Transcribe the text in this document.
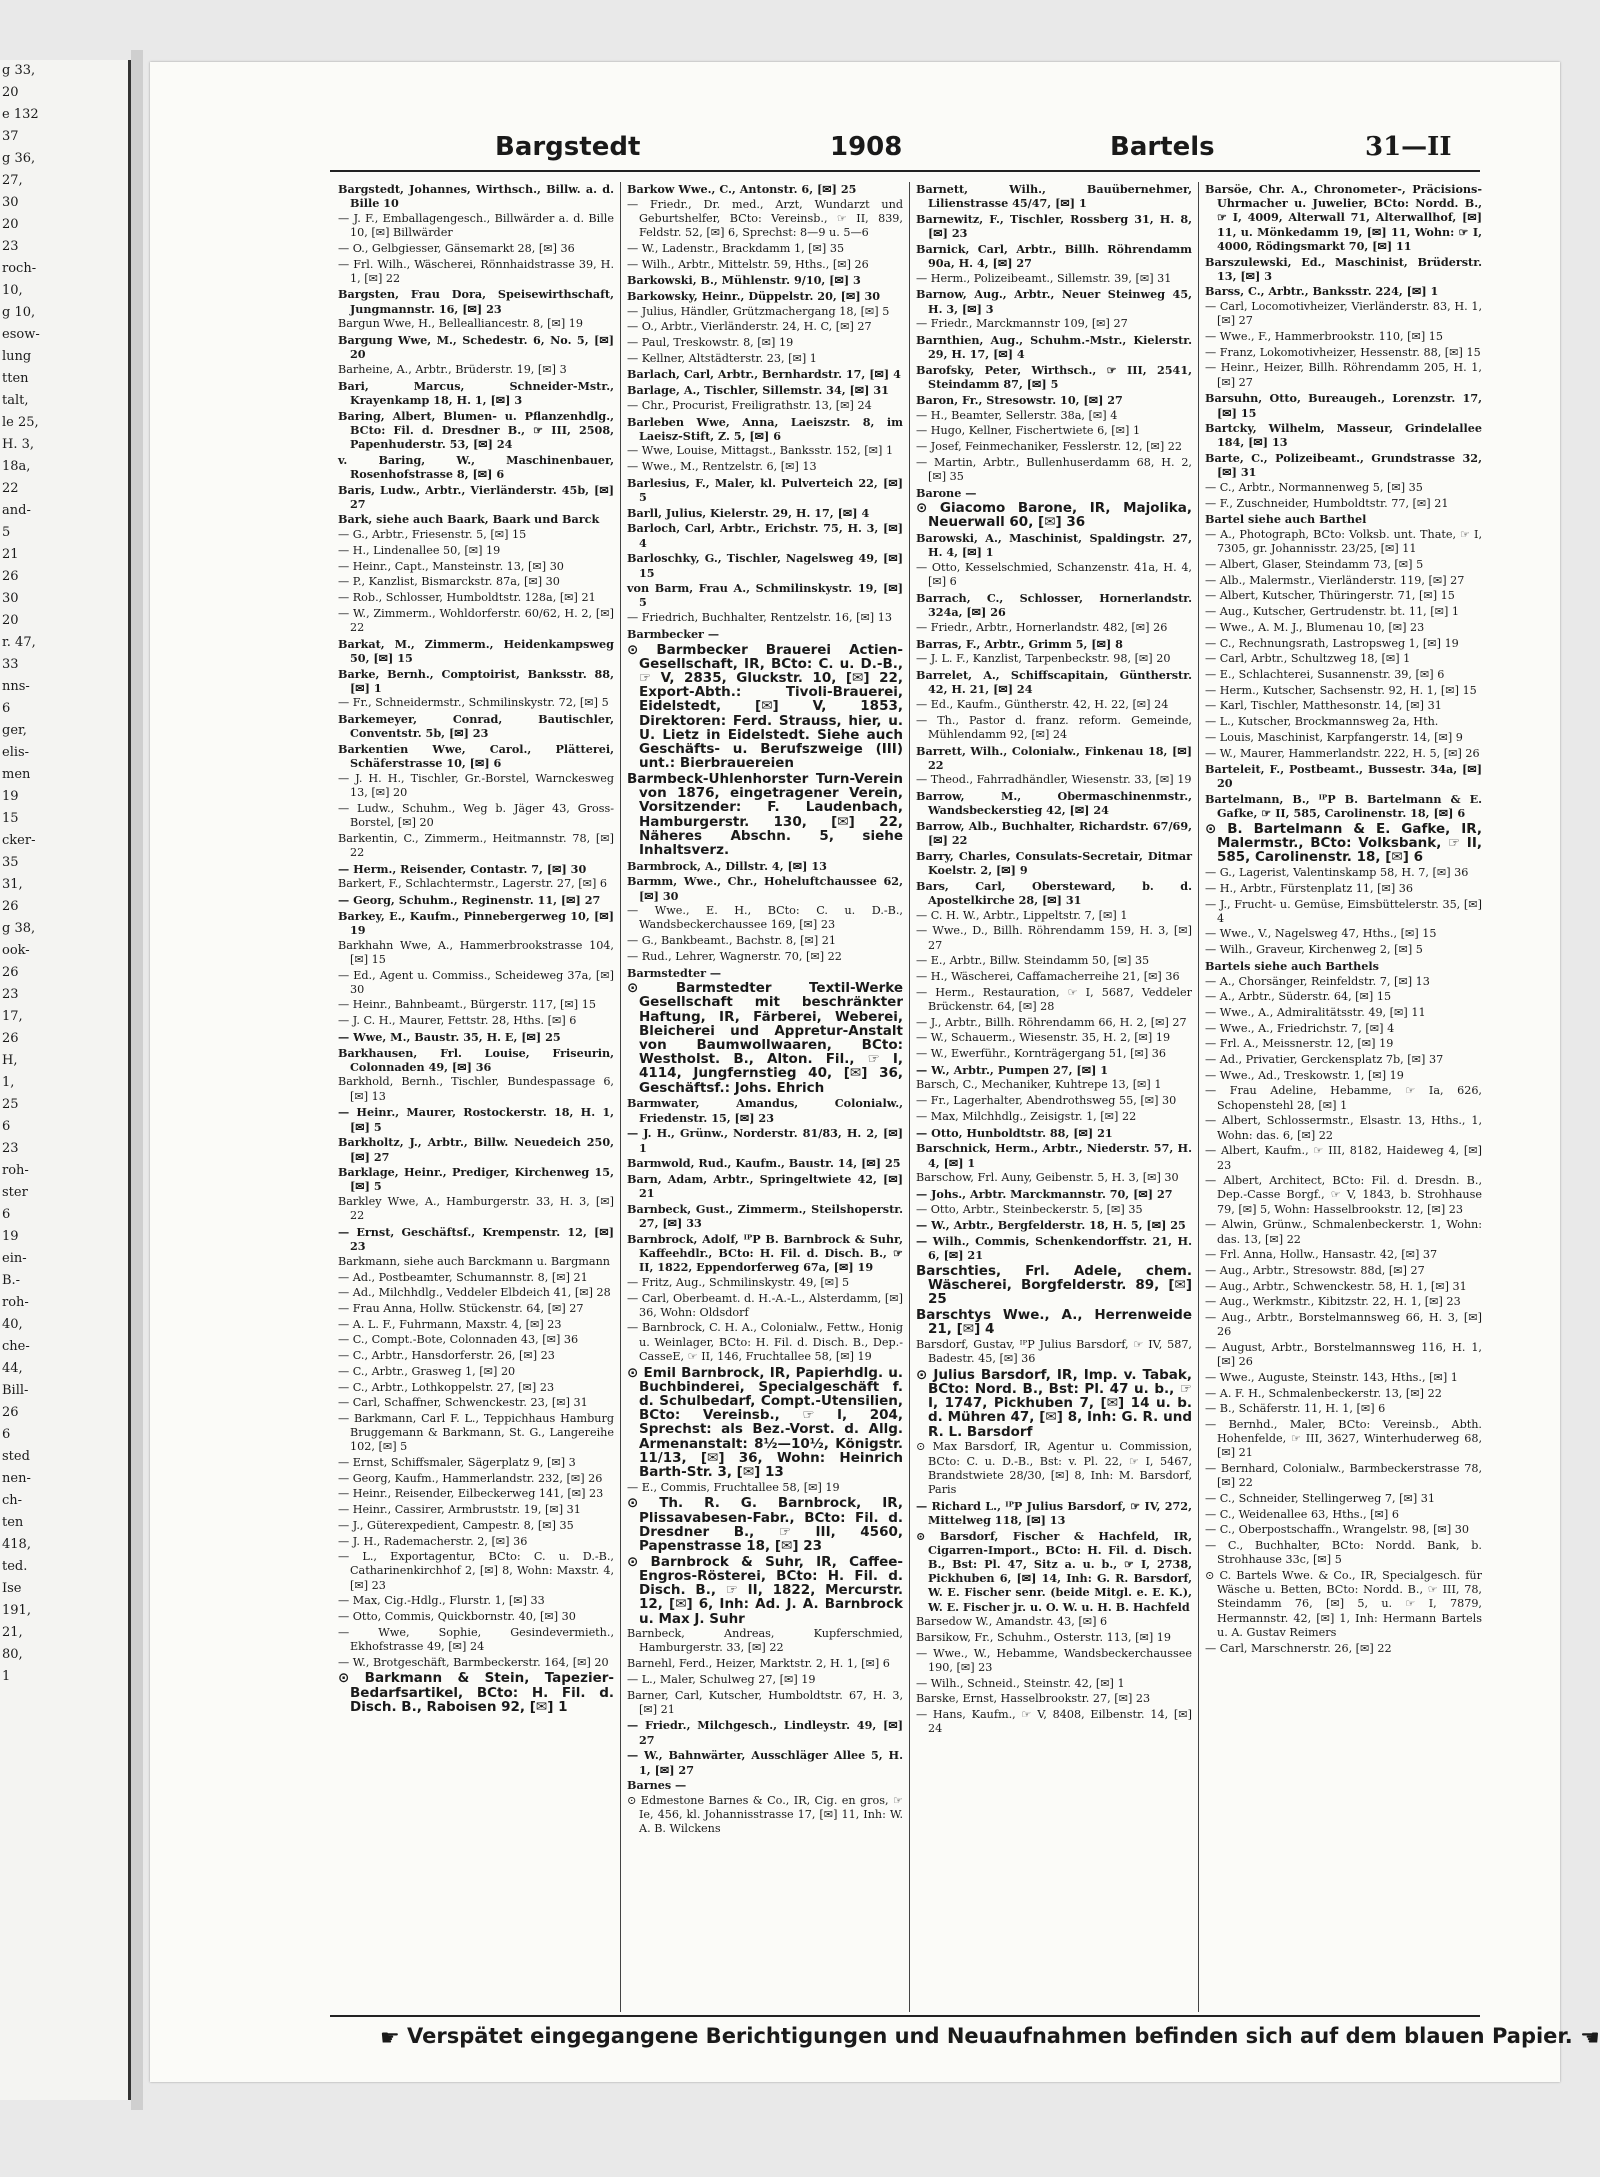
g 33,
20
e 132
37
g 36,
27,
30
20
23
roch-
10,
g 10,
esow-
lung
tten
talt,
le 25,
H. 3,
18a,
22
and-
5
21
26
30
20
r. 47,
33
nns-
6
ger,
elis-
men
19
15
cker-
35
31,
26
g 38,
ook-
26
23
17,
26
H,
1,
25
6
23
roh-
ster
6
19
ein-
B.-
roh-
40,
che-
44,
Bill-
26
6
sted
nen-
ch-
ten
418,
ted.
Ise
191,
21,
80,
1
Bargstedt	1908	Bartels	31—II
Bargstedt, Johannes, Wirthsch., Billw. a. d. Bille 10
— J. F., Emballagengesch., Billwärder a. d. Bille 10, [✉] Billwärder
— O., Gelbgiesser, Gänsemarkt 28, [✉] 36
— Frl. Wilh., Wäscherei, Rönnhaidstrasse 39, H. 1, [✉] 22
Bargsten, Frau Dora, Speisewirthschaft, Jungmannstr. 16, [✉] 23
Bargun Wwe, H., Bellealliancestr. 8, [✉] 19
Bargung Wwe, M., Schedestr. 6, No. 5, [✉] 20
Barheine, A., Arbtr., Brüderstr. 19, [✉] 3
Bari, Marcus, Schneider-Mstr., Krayenkamp 18, H. 1, [✉] 3
Baring, Albert, Blumen- u. Pflanzenhdlg., BCto: Fil. d. Dresdner B., ☞ III, 2508, Papenhuderstr. 53, [✉] 24
v. Baring, W., Maschinenbauer, Rosenhofstrasse 8, [✉] 6
Baris, Ludw., Arbtr., Vierländerstr. 45b, [✉] 27
Bark, siehe auch Baark, Baark und Barck
— G., Arbtr., Friesenstr. 5, [✉] 15
— H., Lindenallee 50, [✉] 19
— Heinr., Capt., Mansteinstr. 13, [✉] 30
— P., Kanzlist, Bismarckstr. 87a, [✉] 30
— Rob., Schlosser, Humboldtstr. 128a, [✉] 21
— W., Zimmerm., Wohldorferstr. 60/62, H. 2, [✉] 22
Barkat, M., Zimmerm., Heidenkampsweg 50, [✉] 15
Barke, Bernh., Comptoirist, Banksstr. 88, [✉] 1
— Fr., Schneidermstr., Schmilinskystr. 72, [✉] 5
Barkemeyer, Conrad, Bautischler, Conventstr. 5b, [✉] 23
Barkentien Wwe, Carol., Plätterei, Schäferstrasse 10, [✉] 6
— J. H. H., Tischler, Gr.-Borstel, Warnckesweg 13, [✉] 20
— Ludw., Schuhm., Weg b. Jäger 43, Gross-Borstel, [✉] 20
Barkentin, C., Zimmerm., Heitmannstr. 78, [✉] 22
— Herm., Reisender, Contastr. 7, [✉] 30
Barkert, F., Schlachtermstr., Lagerstr. 27, [✉] 6
— Georg, Schuhm., Reginenstr. 11, [✉] 27
Barkey, E., Kaufm., Pinnebergerweg 10, [✉] 19
Barkhahn Wwe, A., Hammerbrookstrasse 104, [✉] 15
— Ed., Agent u. Commiss., Scheideweg 37a, [✉] 30
— Heinr., Bahnbeamt., Bürgerstr. 117, [✉] 15
— J. C. H., Maurer, Fettstr. 28, Hths. [✉] 6
— Wwe, M., Baustr. 35, H. E, [✉] 25
Barkhausen, Frl. Louise, Friseurin, Colonnaden 49, [✉] 36
Barkhold, Bernh., Tischler, Bundespassage 6, [✉] 13
— Heinr., Maurer, Rostockerstr. 18, H. 1, [✉] 5
Barkholtz, J., Arbtr., Billw. Neuedeich 250, [✉] 27
Barklage, Heinr., Prediger, Kirchenweg 15, [✉] 5
Barkley Wwe, A., Hamburgerstr. 33, H. 3, [✉] 22
— Ernst, Geschäftsf., Krempenstr. 12, [✉] 23
Barkmann, siehe auch Barckmann u. Bargmann
— Ad., Postbeamter, Schumannstr. 8, [✉] 21
— Ad., Milchhdlg., Veddeler Elbdeich 41, [✉] 28
— Frau Anna, Hollw. Stückenstr. 64, [✉] 27
— A. L. F., Fuhrmann, Maxstr. 4, [✉] 23
— C., Compt.-Bote, Colonnaden 43, [✉] 36
— C., Arbtr., Hansdorferstr. 26, [✉] 23
— C., Arbtr., Grasweg 1, [✉] 20
— C., Arbtr., Lothkoppelstr. 27, [✉] 23
— Carl, Schaffner, Schwenckestr. 23, [✉] 31
— Barkmann, Carl F. L., Teppichhaus Hamburg Bruggemann & Barkmann, St. G., Langereihe 102, [✉] 5
— Ernst, Schiffsmaler, Sägerplatz 9, [✉] 3
— Georg, Kaufm., Hammerlandstr. 232, [✉] 26
— Heinr., Reisender, Eilbeckerweg 141, [✉] 23
— Heinr., Cassirer, Armbruststr. 19, [✉] 31
— J., Güterexpedient, Campestr. 8, [✉] 35
— J. H., Rademacherstr. 2, [✉] 36
— L., Exportagentur, BCto: C. u. D.-B., Catharinenkirchhof 2, [✉] 8, Wohn: Maxstr. 4, [✉] 23
— Max, Cig.-Hdlg., Flurstr. 1, [✉] 33
— Otto, Commis, Quickbornstr. 40, [✉] 30
— Wwe, Sophie, Gesindevermieth., Ekhofstrasse 49, [✉] 24
— W., Brotgeschäft, Barmbeckerstr. 164, [✉] 20
⊙ Barkmann & Stein, Tapezier-Bedarfsartikel, BCto: H. Fil. d. Disch. B., Raboisen 92, [✉] 1
Barkow Wwe., C., Antonstr. 6, [✉] 25
— Friedr., Dr. med., Arzt, Wundarzt und Geburtshelfer, BCto: Vereinsb., ☞ II, 839, Feldstr. 52, [✉] 6, Sprechst: 8—9 u. 5—6
— W., Ladenstr., Brackdamm 1, [✉] 35
— Wilh., Arbtr., Mittelstr. 59, Hths., [✉] 26
Barkowski, B., Mühlenstr. 9/10, [✉] 3
Barkowsky, Heinr., Düppelstr. 20, [✉] 30
— Julius, Händler, Grützmachergang 18, [✉] 5
— O., Arbtr., Vierländerstr. 24, H. C, [✉] 27
— Paul, Treskowstr. 8, [✉] 19
— Kellner, Altstädterstr. 23, [✉] 1
Barlach, Carl, Arbtr., Bernhardstr. 17, [✉] 4
Barlage, A., Tischler, Sillemstr. 34, [✉] 31
— Chr., Procurist, Freiligrathstr. 13, [✉] 24
Barleben Wwe, Anna, Laeiszstr. 8, im Laeisz-Stift, Z. 5, [✉] 6
— Wwe, Louise, Mittagst., Banksstr. 152, [✉] 1
— Wwe., M., Rentzelstr. 6, [✉] 13
Barlesius, F., Maler, kl. Pulverteich 22, [✉] 5
Barll, Julius, Kielerstr. 29, H. 17, [✉] 4
Barloch, Carl, Arbtr., Erichstr. 75, H. 3, [✉] 4
Barloschky, G., Tischler, Nagelsweg 49, [✉] 15
von Barm, Frau A., Schmilinskystr. 19, [✉] 5
— Friedrich, Buchhalter, Rentzelstr. 16, [✉] 13
Barmbecker —
⊙ Barmbecker Brauerei Actien-Gesellschaft, IR, BCto: C. u. D.-B., ☞ V, 2835, Gluckstr. 10, [✉] 22, Export-Abth.: Tivoli-Brauerei, Eidelstedt, [✉] V, 1853, Direktoren: Ferd. Strauss, hier, u. U. Lietz in Eidelstedt. Siehe auch Geschäfts- u. Berufszweige (III) unt.: Bierbrauereien
Barmbeck-Uhlenhorster Turn-Verein von 1876, eingetragener Verein, Vorsitzender: F. Laudenbach, Hamburgerstr. 130, [✉] 22, Näheres Abschn. 5, siehe Inhaltsverz.
Barmbrock, A., Dillstr. 4, [✉] 13
Barmm, Wwe., Chr., Hoheluftchaussee 62, [✉] 30
— Wwe., E. H., BCto: C. u. D.-B., Wandsbeckerchaussee 169, [✉] 23
— G., Bankbeamt., Bachstr. 8, [✉] 21
— Rud., Lehrer, Wagnerstr. 70, [✉] 22
Barmstedter —
⊙ Barmstedter Textil-Werke Gesellschaft mit beschränkter Haftung, IR, Färberei, Weberei, Bleicherei und Appretur-Anstalt von Baumwollwaaren, BCto: Westholst. B., Alton. Fil., ☞ I, 4114, Jungfernstieg 40, [✉] 36, Geschäftsf.: Johs. Ehrich
Barmwater, Amandus, Colonialw., Friedenstr. 15, [✉] 23
— J. H., Grünw., Norderstr. 81/83, H. 2, [✉] 1
Barmwold, Rud., Kaufm., Baustr. 14, [✉] 25
Barn, Adam, Arbtr., Springeltwiete 42, [✉] 21
Barnbeck, Gust., Zimmerm., Steilshoperstr. 27, [✉] 33
Barnbrock, Adolf, ᴵᴾP B. Barnbrock & Suhr, Kaffeehdlr., BCto: H. Fil. d. Disch. B., ☞ II, 1822, Eppendorferweg 67a, [✉] 19
— Fritz, Aug., Schmilinskystr. 49, [✉] 5
— Carl, Oberbeamt. d. H.-A.-L., Alsterdamm, [✉] 36, Wohn: Oldsdorf
— Barnbrock, C. H. A., Colonialw., Fettw., Honig u. Weinlager, BCto: H. Fil. d. Disch. B., Dep.-CasseE, ☞ II, 146, Fruchtallee 58, [✉] 19
⊙ Emil Barnbrock, IR, Papierhdlg. u. Buchbinderei, Specialgeschäft f. d. Schulbedarf, Compt.-Utensilien, BCto: Vereinsb., ☞ I, 204, Sprechst: als Bez.-Vorst. d. Allg. Armenanstalt: 8½—10½, Königstr. 11/13, [✉] 36, Wohn: Heinrich Barth-Str. 3, [✉] 13
— E., Commis, Fruchtallee 58, [✉] 19
⊙ Th. R. G. Barnbrock, IR, Plissavabesen-Fabr., BCto: Fil. d. Dresdner B., ☞ III, 4560, Papenstrasse 18, [✉] 23
⊙ Barnbrock & Suhr, IR, Caffee-Engros-Rösterei, BCto: H. Fil. d. Disch. B., ☞ II, 1822, Mercurstr. 12, [✉] 6, Inh: Ad. J. A. Barnbrock u. Max J. Suhr
Barnbeck, Andreas, Kupferschmied, Hamburgerstr. 33, [✉] 22
Barnehl, Ferd., Heizer, Marktstr. 2, H. 1, [✉] 6
— L., Maler, Schulweg 27, [✉] 19
Barner, Carl, Kutscher, Humboldtstr. 67, H. 3, [✉] 21
— Friedr., Milchgesch., Lindleystr. 49, [✉] 27
— W., Bahnwärter, Ausschläger Allee 5, H. 1, [✉] 27
Barnes —
⊙ Edmestone Barnes & Co., IR, Cig. en gros, ☞ Ie, 456, kl. Johannisstrasse 17, [✉] 11, Inh: W. A. B. Wilckens
Barnett, Wilh., Bauübernehmer, Lilienstrasse 45/47, [✉] 1
Barnewitz, F., Tischler, Rossberg 31, H. 8, [✉] 23
Barnick, Carl, Arbtr., Billh. Röhrendamm 90a, H. 4, [✉] 27
— Herm., Polizeibeamt., Sillemstr. 39, [✉] 31
Barnow, Aug., Arbtr., Neuer Steinweg 45, H. 3, [✉] 3
— Friedr., Marckmannstr 109, [✉] 27
Barnthien, Aug., Schuhm.-Mstr., Kielerstr. 29, H. 17, [✉] 4
Barofsky, Peter, Wirthsch., ☞ III, 2541, Steindamm 87, [✉] 5
Baron, Fr., Stresowstr. 10, [✉] 27
— H., Beamter, Sellerstr. 38a, [✉] 4
— Hugo, Kellner, Fischertwiete 6, [✉] 1
— Josef, Feinmechaniker, Fesslerstr. 12, [✉] 22
— Martin, Arbtr., Bullenhuserdamm 68, H. 2, [✉] 35
Barone —
⊙ Giacomo Barone, IR, Majolika, Neuerwall 60, [✉] 36
Barowski, A., Maschinist, Spaldingstr. 27, H. 4, [✉] 1
— Otto, Kesselschmied, Schanzenstr. 41a, H. 4, [✉] 6
Barrach, C., Schlosser, Hornerlandstr. 324a, [✉] 26
— Friedr., Arbtr., Hornerlandstr. 482, [✉] 26
Barras, F., Arbtr., Grimm 5, [✉] 8
— J. L. F., Kanzlist, Tarpenbeckstr. 98, [✉] 20
Barrelet, A., Schiffscapitain, Güntherstr. 42, H. 21, [✉] 24
— Ed., Kaufm., Güntherstr. 42, H. 22, [✉] 24
— Th., Pastor d. franz. reform. Gemeinde, Mühlendamm 92, [✉] 24
Barrett, Wilh., Colonialw., Finkenau 18, [✉] 22
— Theod., Fahrradhändler, Wiesenstr. 33, [✉] 19
Barrow, M., Obermaschinenmstr., Wandsbeckerstieg 42, [✉] 24
Barrow, Alb., Buchhalter, Richardstr. 67/69, [✉] 22
Barry, Charles, Consulats-Secretair, Ditmar Koelstr. 2, [✉] 9
Bars, Carl, Obersteward, b. d. Apostelkirche 28, [✉] 31
— C. H. W., Arbtr., Lippeltstr. 7, [✉] 1
— Wwe., D., Billh. Röhrendamm 159, H. 3, [✉] 27
— E., Arbtr., Billw. Steindamm 50, [✉] 35
— H., Wäscherei, Caffamacherreihe 21, [✉] 36
— Herm., Restauration, ☞ I, 5687, Veddeler Brückenstr. 64, [✉] 28
— J., Arbtr., Billh. Röhrendamm 66, H. 2, [✉] 27
— W., Schauerm., Wiesenstr. 35, H. 2, [✉] 19
— W., Ewerführ., Kornträgergang 51, [✉] 36
— W., Arbtr., Pumpen 27, [✉] 1
Barsch, C., Mechaniker, Kuhtrepe 13, [✉] 1
— Fr., Lagerhalter, Abendrothsweg 55, [✉] 30
— Max, Milchhdlg., Zeisigstr. 1, [✉] 22
— Otto, Hunboldtstr. 88, [✉] 21
Barschnick, Herm., Arbtr., Niederstr. 57, H. 4, [✉] 1
Barschow, Frl. Auny, Geibenstr. 5, H. 3, [✉] 30
— Johs., Arbtr. Marckmannstr. 70, [✉] 27
— Otto, Arbtr., Steinbeckerstr. 5, [✉] 35
— W., Arbtr., Bergfelderstr. 18, H. 5, [✉] 25
— Wilh., Commis, Schenkendorffstr. 21, H. 6, [✉] 21
Barschties, Frl. Adele, chem. Wäscherei, Borgfelderstr. 89, [✉] 25
Barschtys Wwe., A., Herrenweide 21, [✉] 4
Barsdorf, Gustav, ᴵᴾP Julius Barsdorf, ☞ IV, 587, Badestr. 45, [✉] 36
⊙ Julius Barsdorf, IR, Imp. v. Tabak, BCto: Nord. B., Bst: Pl. 47 u. b., ☞ I, 1747, Pickhuben 7, [✉] 14 u. b. d. Mühren 47, [✉] 8, Inh: G. R. und R. L. Barsdorf
⊙ Max Barsdorf, IR, Agentur u. Commission, BCto: C. u. D.-B., Bst: v. Pl. 22, ☞ I, 5467, Brandstwiete 28/30, [✉] 8, Inh: M. Barsdorf, Paris
— Richard L., ᴵᴾP Julius Barsdorf, ☞ IV, 272, Mittelweg 118, [✉] 13
⊙ Barsdorf, Fischer & Hachfeld, IR, Cigarren-Import., BCto: H. Fil. d. Disch. B., Bst: Pl. 47, Sitz a. u. b., ☞ I, 2738, Pickhuben 6, [✉] 14, Inh: G. R. Barsdorf, W. E. Fischer senr. (beide Mitgl. e. E. K.), W. E. Fischer jr. u. O. W. u. H. B. Hachfeld
Barsedow W., Amandstr. 43, [✉] 6
Barsikow, Fr., Schuhm., Osterstr. 113, [✉] 19
— Wwe., W., Hebamme, Wandsbeckerchaussee 190, [✉] 23
— Wilh., Schneid., Steinstr. 42, [✉] 1
Barske, Ernst, Hasselbrookstr. 27, [✉] 23
— Hans, Kaufm., ☞ V, 8408, Eilbenstr. 14, [✉] 24
Barsöe, Chr. A., Chronometer-, Präcisions-Uhrmacher u. Juwelier, BCto: Nordd. B., ☞ I, 4009, Alterwall 71, Alterwallhof, [✉] 11, u. Mönkedamm 19, [✉] 11, Wohn: ☞ I, 4000, Rödingsmarkt 70, [✉] 11
Barszulewski, Ed., Maschinist, Brüderstr. 13, [✉] 3
Barss, C., Arbtr., Banksstr. 224, [✉] 1
— Carl, Locomotivheizer, Vierländerstr. 83, H. 1, [✉] 27
— Wwe., F., Hammerbrookstr. 110, [✉] 15
— Franz, Lokomotivheizer, Hessenstr. 88, [✉] 15
— Heinr., Heizer, Billh. Röhrendamm 205, H. 1, [✉] 27
Barsuhn, Otto, Bureaugeh., Lorenzstr. 17, [✉] 15
Bartcky, Wilhelm, Masseur, Grindelallee 184, [✉] 13
Barte, C., Polizeibeamt., Grundstrasse 32, [✉] 31
— C., Arbtr., Normannenweg 5, [✉] 35
— F., Zuschneider, Humboldtstr. 77, [✉] 21
Bartel siehe auch Barthel
— A., Photograph, BCto: Volksb. unt. Thate, ☞ I, 7305, gr. Johannisstr. 23/25, [✉] 11
— Albert, Glaser, Steindamm 73, [✉] 5
— Alb., Malermstr., Vierländerstr. 119, [✉] 27
— Albert, Kutscher, Thüringerstr. 71, [✉] 15
— Aug., Kutscher, Gertrudenstr. bt. 11, [✉] 1
— Wwe., A. M. J., Blumenau 10, [✉] 23
— C., Rechnungsrath, Lastropsweg 1, [✉] 19
— Carl, Arbtr., Schultzweg 18, [✉] 1
— E., Schlachterei, Susannenstr. 39, [✉] 6
— Herm., Kutscher, Sachsenstr. 92, H. 1, [✉] 15
— Karl, Tischler, Matthesonstr. 14, [✉] 31
— L., Kutscher, Brockmannsweg 2a, Hth.
— Louis, Maschinist, Karpfangerstr. 14, [✉] 9
— W., Maurer, Hammerlandstr. 222, H. 5, [✉] 26
Barteleit, F., Postbeamt., Bussestr. 34a, [✉] 20
Bartelmann, B., ᴵᴾP B. Bartelmann & E. Gafke, ☞ II, 585, Carolinenstr. 18, [✉] 6
⊙ B. Bartelmann & E. Gafke, IR, Malermstr., BCto: Volksbank, ☞ II, 585, Carolinenstr. 18, [✉] 6
— G., Lagerist, Valentinskamp 58, H. 7, [✉] 36
— H., Arbtr., Fürstenplatz 11, [✉] 36
— J., Frucht- u. Gemüse, Eimsbüttelerstr. 35, [✉] 4
— Wwe., V., Nagelsweg 47, Hths., [✉] 15
— Wilh., Graveur, Kirchenweg 2, [✉] 5
Bartels siehe auch Barthels
— A., Chorsänger, Reinfeldstr. 7, [✉] 13
— A., Arbtr., Süderstr. 64, [✉] 15
— Wwe., A., Admiralitätsstr. 49, [✉] 11
— Wwe., A., Friedrichstr. 7, [✉] 4
— Frl. A., Meissnerstr. 12, [✉] 19
— Ad., Privatier, Gerckensplatz 7b, [✉] 37
— Wwe., Ad., Treskowstr. 1, [✉] 19
— Frau Adeline, Hebamme, ☞ Ia, 626, Schopenstehl 28, [✉] 1
— Albert, Schlossermstr., Elsastr. 13, Hths., 1, Wohn: das. 6, [✉] 22
— Albert, Kaufm., ☞ III, 8182, Haideweg 4, [✉] 23
— Albert, Architect, BCto: Fil. d. Dresdn. B., Dep.-Casse Borgf., ☞ V, 1843, b. Strohhause 79, [✉] 5, Wohn: Hasselbrookstr. 12, [✉] 23
— Alwin, Grünw., Schmalenbeckerstr. 1, Wohn: das. 13, [✉] 22
— Frl. Anna, Hollw., Hansastr. 42, [✉] 37
— Aug., Arbtr., Stresowstr. 88d, [✉] 27
— Aug., Arbtr., Schwenckestr. 58, H. 1, [✉] 31
— Aug., Werkmstr., Kibitzstr. 22, H. 1, [✉] 23
— Aug., Arbtr., Borstelmannsweg 66, H. 3, [✉] 26
— August, Arbtr., Borstelmannsweg 116, H. 1, [✉] 26
— Wwe., Auguste, Steinstr. 143, Hths., [✉] 1
— A. F. H., Schmalenbeckerstr. 13, [✉] 22
— B., Schäferstr. 11, H. 1, [✉] 6
— Bernhd., Maler, BCto: Vereinsb., Abth. Hohenfelde, ☞ III, 3627, Winterhuderweg 68, [✉] 21
— Bernhard, Colonialw., Barmbeckerstrasse 78, [✉] 22
— C., Schneider, Stellingerweg 7, [✉] 31
— C., Weidenallee 63, Hths., [✉] 6
— C., Oberpostschaffn., Wrangelstr. 98, [✉] 30
— C., Buchhalter, BCto: Nordd. Bank, b. Strohhause 33c, [✉] 5
⊙ C. Bartels Wwe. & Co., IR, Specialgesch. für Wäsche u. Betten, BCto: Nordd. B., ☞ III, 78, Steindamm 76, [✉] 5, u. ☞ I, 7879, Hermannstr. 42, [✉] 1, Inh: Hermann Bartels u. A. Gustav Reimers
— Carl, Marschnerstr. 26, [✉] 22
☛ Verspätet eingegangene Berichtigungen und Neuaufnahmen befinden sich auf dem blauen Papier. ☚
